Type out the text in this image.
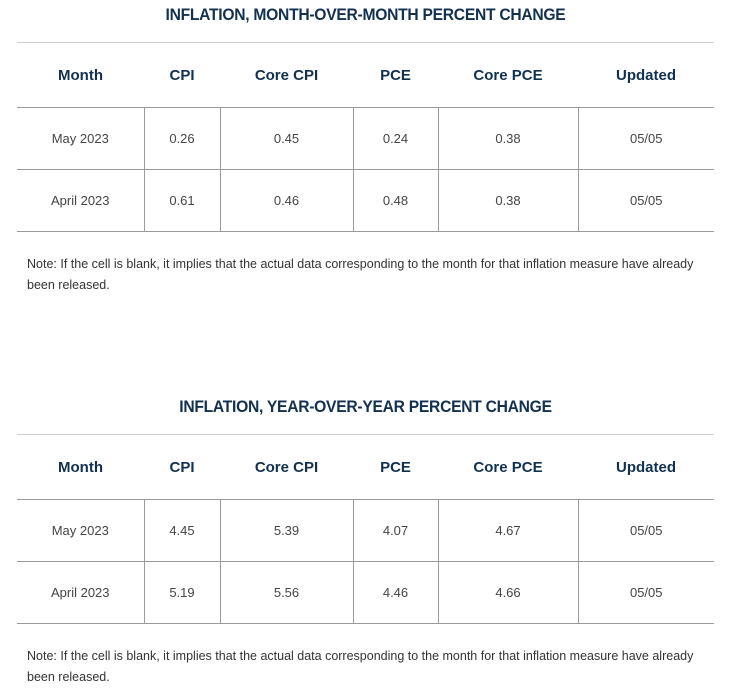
INFLATION, MONTH-OVER-MONTH PERCENT CHANGE
Month	CPI	Core CPI	PCE	Core PCE	Updated
May 2023	0.26	0.45	0.24	0.38	05/05
April 2023	0.61	0.46	0.48	0.38	05/05
Note: If the cell is blank, it implies that the actual data corresponding to the month for that inflation measure have already been released.
INFLATION, YEAR-OVER-YEAR PERCENT CHANGE
Month	CPI	Core CPI	PCE	Core PCE	Updated
May 2023	4.45	5.39	4.07	4.67	05/05
April 2023	5.19	5.56	4.46	4.66	05/05
Note: If the cell is blank, it implies that the actual data corresponding to the month for that inflation measure have already been released.
